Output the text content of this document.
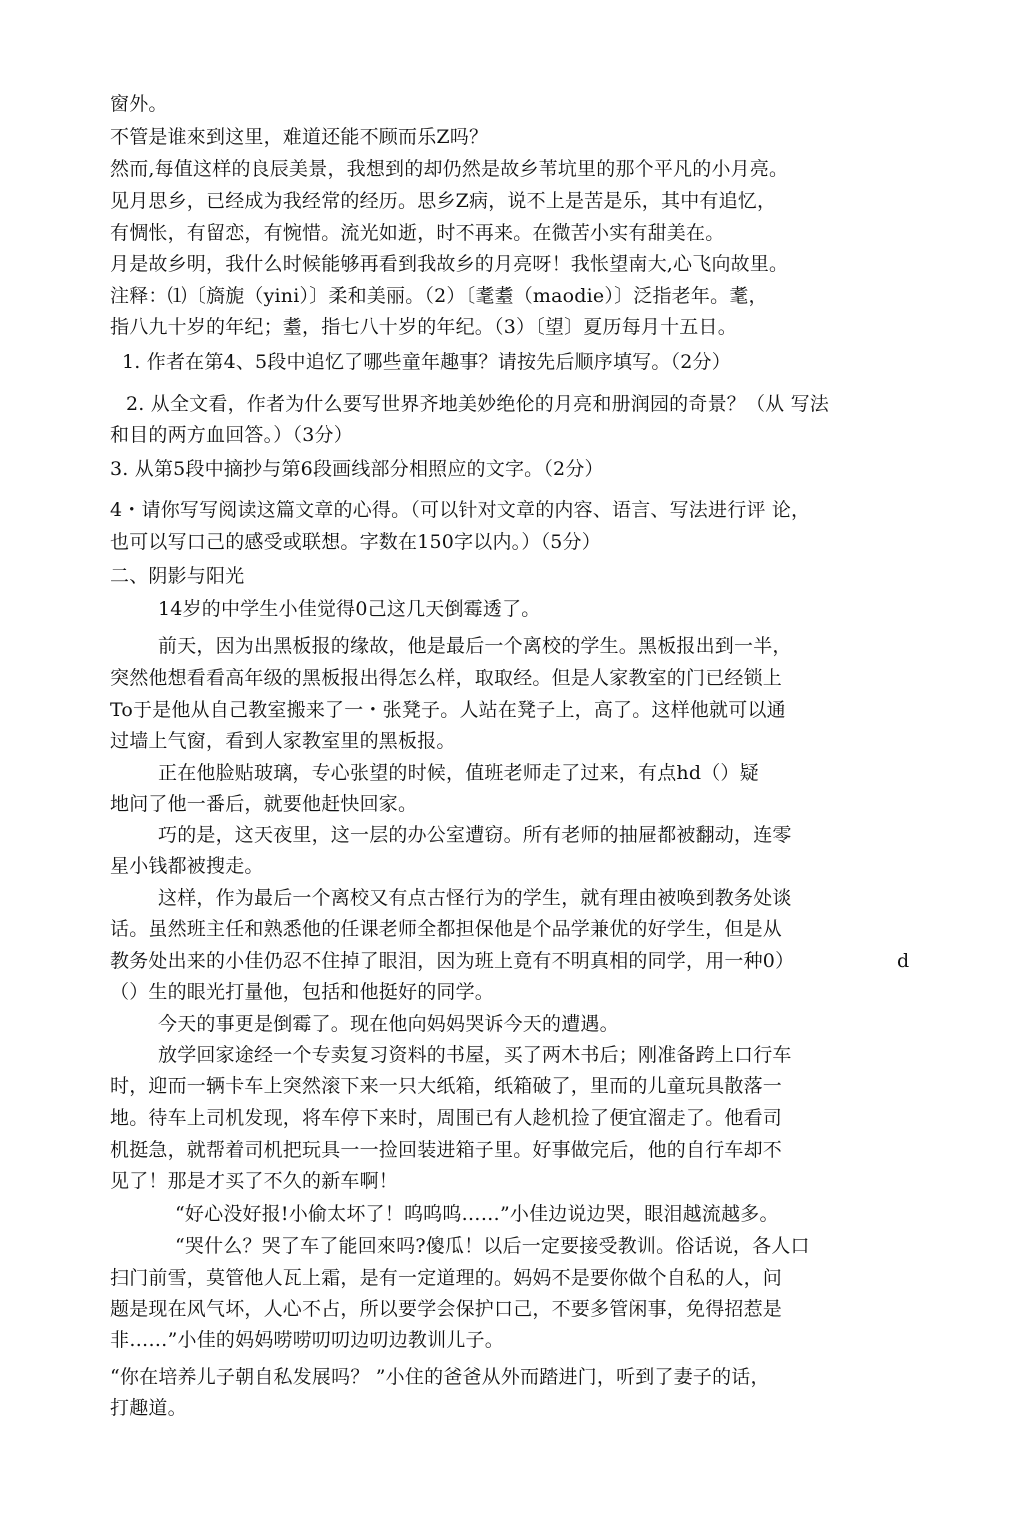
窗外。
不管是谁來到这里，难道还能不顾而乐Z吗？
然而,每值这样的良辰美景，我想到的却仍然是故乡苇坑里的那个平凡的小月亮。
见月思乡，已经成为我经常的经历。思乡Z病，说不上是苦是乐，其中有追忆，
有惆怅，有留恋，有惋惜。流光如逝，时不再来。在微苦小实有甜美在。
月是故乡明，我什么时候能够再看到我故乡的月亮呀！我怅望南大,心飞向故里。
注释：⑴〔旖旎（yini）〕柔和美丽。（2）〔耄耋（maodie）〕泛指老年。耄，
指八九十岁的年纪；耋，指七八十岁的年纪。（3）〔望〕夏历每月十五日。
1. 作者在第4、5段中追忆了哪些童年趣事？请按先后顺序填写。（2分）
2. 从全文看，作者为什么要写世界齐地美妙绝伦的月亮和册润园的奇景？（从 写法
和目的两方血回答。）（3分）
3. 从第5段中摘抄与第6段画线部分相照应的文字。（2分）
4・请你写写阅读这篇文章的心得。（可以针对文章的内容、语言、写法进行评 论，
也可以写口己的感受或联想。字数在150字以内。）（5分）
二、阴影与阳光
14岁的中学生小佳觉得0己这几天倒霉透了。
前天，因为出黑板报的缘故，他是最后一个离校的学生。黑板报出到一半，
突然他想看看高年级的黑板报出得怎么样，取取经。但是人家教室的门已经锁上
To于是他从自己教室搬来了一・张凳子。人站在凳子上，高了。这样他就可以通
过墙上气窗，看到人家教室里的黑板报。
正在他脸贴玻璃，专心张望的时候，值班老师走了过来，有点hd（）疑
地问了他一番后，就要他赶快回家。
巧的是，这天夜里，这一层的办公室遭窃。所有老师的抽屉都被翻动，连零
星小钱都被搜走。
这样，作为最后一个离校又有点古怪行为的学生，就有理由被唤到教务处谈
话。虽然班主任和熟悉他的任课老师全都担保他是个品学兼优的好学生，但是从
教务处出来的小佳仍忍不住掉了眼泪，因为班上竟有不明真相的同学，用一种0）	d
（）生的眼光打量他，包括和他挺好的同学。
今天的事更是倒霉了。现在他向妈妈哭诉今天的遭遇。
放学回家途经一个专卖复习资料的书屋，买了两木书后；刚准备跨上口行车
时，迎而一辆卡车上突然滚下来一只大纸箱，纸箱破了，里而的儿童玩具散落一
地。待车上司机发现，将车停下来时，周围已有人趁机捡了便宜溜走了。他看司
机挺急，就帮着司机把玩具一一捡回装进箱子里。好事做完后，他的自行车却不
见了！那是才买了不久的新车啊！
“好心没好报!小偷太坏了！呜呜呜……”小佳边说边哭，眼泪越流越多。
“哭什么？哭了车了能回來吗?傻瓜！以后一定要接受教训。俗话说，各人口
扫门前雪，莫管他人瓦上霜，是有一定道理的。妈妈不是要你做个自私的人，问
题是现在风气坏，人心不占，所以要学会保护口己，不要多管闲事，免得招惹是
非……”小佳的妈妈唠唠叨叨边叨边教训儿子。
“你在培养儿子朝自私发展吗？ ”小住的爸爸从外而踏进门，听到了妻子的话，
打趣道。
